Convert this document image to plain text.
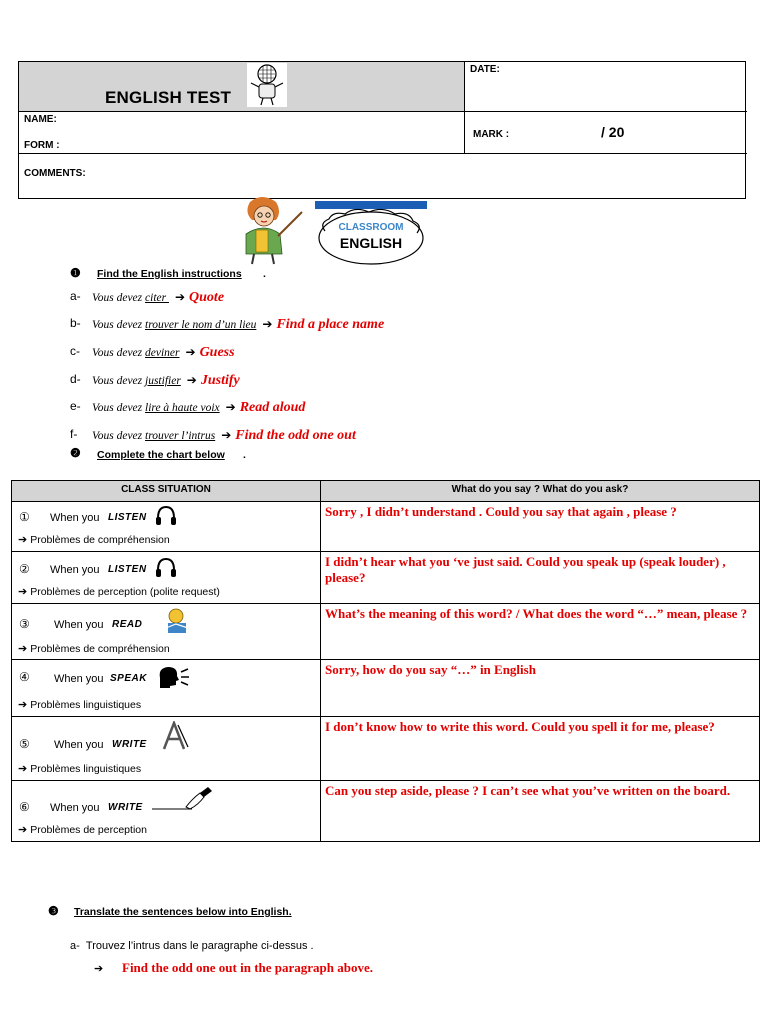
ENGLISH TEST
DATE:
NAME:
FORM :
MARK :	/ 20
COMMENTS:
CLASSROOM
ENGLISH
❶ Find the English instructions .
a- Vous devez citer ➔ Quote
b- Vous devez trouver le nom d’un lieu ➔ Find a place name
c- Vous devez deviner ➔ Guess
d- Vous devez justifier ➔ Justify
e- Vous devez lire à haute voix ➔ Read aloud
f- Vous devez trouver l’intrus ➔ Find the odd one out
❷ Complete the chart below .
CLASS SITUATION	What do you say ? What do you ask?

① When you LISTEN
➔ Problèmes de compréhension	Sorry , I didn’t understand . Could you say that again , please ?

② When you LISTEN
➔ Problèmes de perception (polite request)	I didn’t hear what you ‘ve just said. Could you speak up (speak louder) , please?

③ When you READ
➔ Problèmes de compréhension	What’s the meaning of this word? / What does the word “…” mean, please ?

④ When you SPEAK
➔ Problèmes linguistiques	Sorry, how do you say “…” in English

⑤ When you WRITE
➔ Problèmes linguistiques	I don’t know how to write this word. Could you spell it for me, please?

⑥ When you WRITE
➔ Problèmes de perception	Can you step aside, please ? I can’t see what you’ve written on the board.
❸ Translate the sentences below into English.
a- Trouvez l’intrus dans le paragraphe ci-dessus .
➔ Find the odd one out in the paragraph above.
